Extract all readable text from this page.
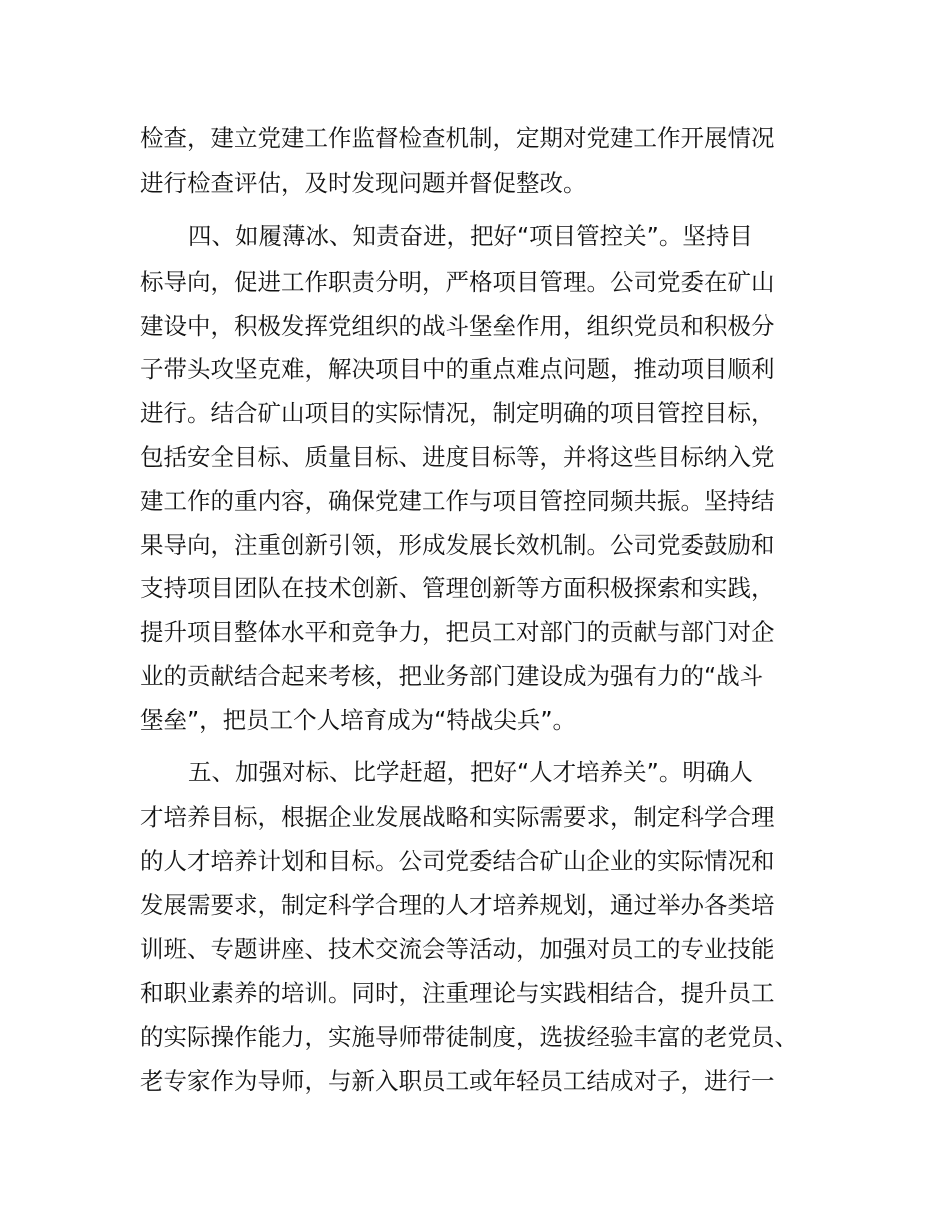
检查，建立党建工作监督检查机制，定期对党建工作开展情况
进行检查评估，及时发现问题并督促整改。
四、如履薄冰、知责奋进，把好“项目管控关”。坚持目
标导向，促进工作职责分明，严格项目管理。公司党委在矿山
建设中，积极发挥党组织的战斗堡垒作用，组织党员和积极分
子带头攻坚克难，解决项目中的重点难点问题，推动项目顺利
进行。结合矿山项目的实际情况，制定明确的项目管控目标，
包括安全目标、质量目标、进度目标等，并将这些目标纳入党
建工作的重内容，确保党建工作与项目管控同频共振。坚持结
果导向，注重创新引领，形成发展长效机制。公司党委鼓励和
支持项目团队在技术创新、管理创新等方面积极探索和实践，
提升项目整体水平和竞争力，把员工对部门的贡献与部门对企
业的贡献结合起来考核，把业务部门建设成为强有力的“战斗
堡垒”，把员工个人培育成为“特战尖兵”。
五、加强对标、比学赶超，把好“人才培养关”。明确人
才培养目标，根据企业发展战略和实际需要求，制定科学合理
的人才培养计划和目标。公司党委结合矿山企业的实际情况和
发展需要求，制定科学合理的人才培养规划，通过举办各类培
训班、专题讲座、技术交流会等活动，加强对员工的专业技能
和职业素养的培训。同时，注重理论与实践相结合，提升员工
的实际操作能力，实施导师带徒制度，选拔经验丰富的老党员、
老专家作为导师，与新入职员工或年轻员工结成对子，进行一
